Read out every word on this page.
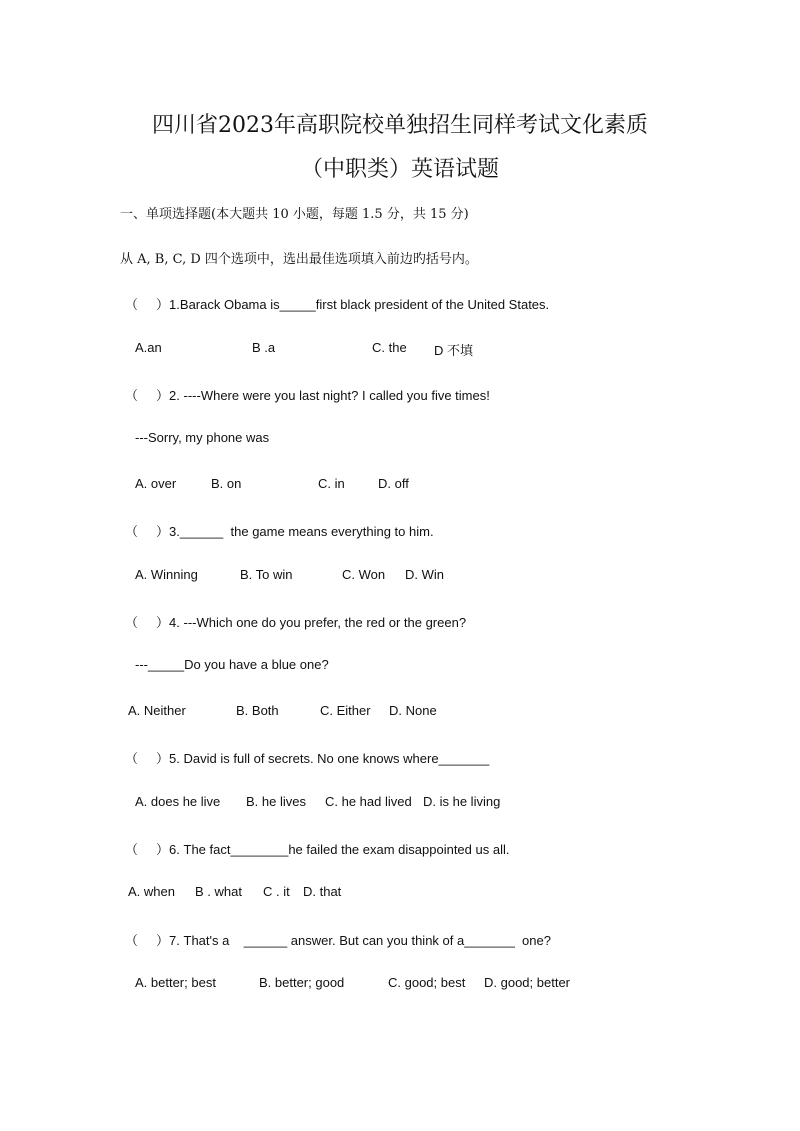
四川省2023年高职院校单独招生同样考试文化素质
（中职类）英语试题
一、单项选择题(本大题共 10 小题，每题 1.5 分，共 15 分)
从 A, B, C, D 四个选项中，选出最佳选项填入前边旳括号内。
（     ）1.Barack Obama is_____first black president of the United States.
A.an	B .a	C. the D 不填
（     ）2. ----Where were you last night? I called you five times!
---Sorry, my phone was
A. over	B. on	C. in	D. off
（     ）3.______  the game means everything to him.
A. Winning	B. To win	C. Won D. Win
（     ）4. ---Which one do you prefer, the red or the green?
---_____Do you have a blue one?
A. Neither	B. Both	C. Either D. None
（     ）5. David is full of secrets. No one knows where_______
A. does he live B. he lives C. he had lived D. is he living
（     ）6. The fact________he failed the exam disappointed us all.
A. when B . what C . it D. that
（     ）7. That's a    ______ answer. But can you think of a_______  one?
A. better; best	B. better; good	C. good; best D. good; better
